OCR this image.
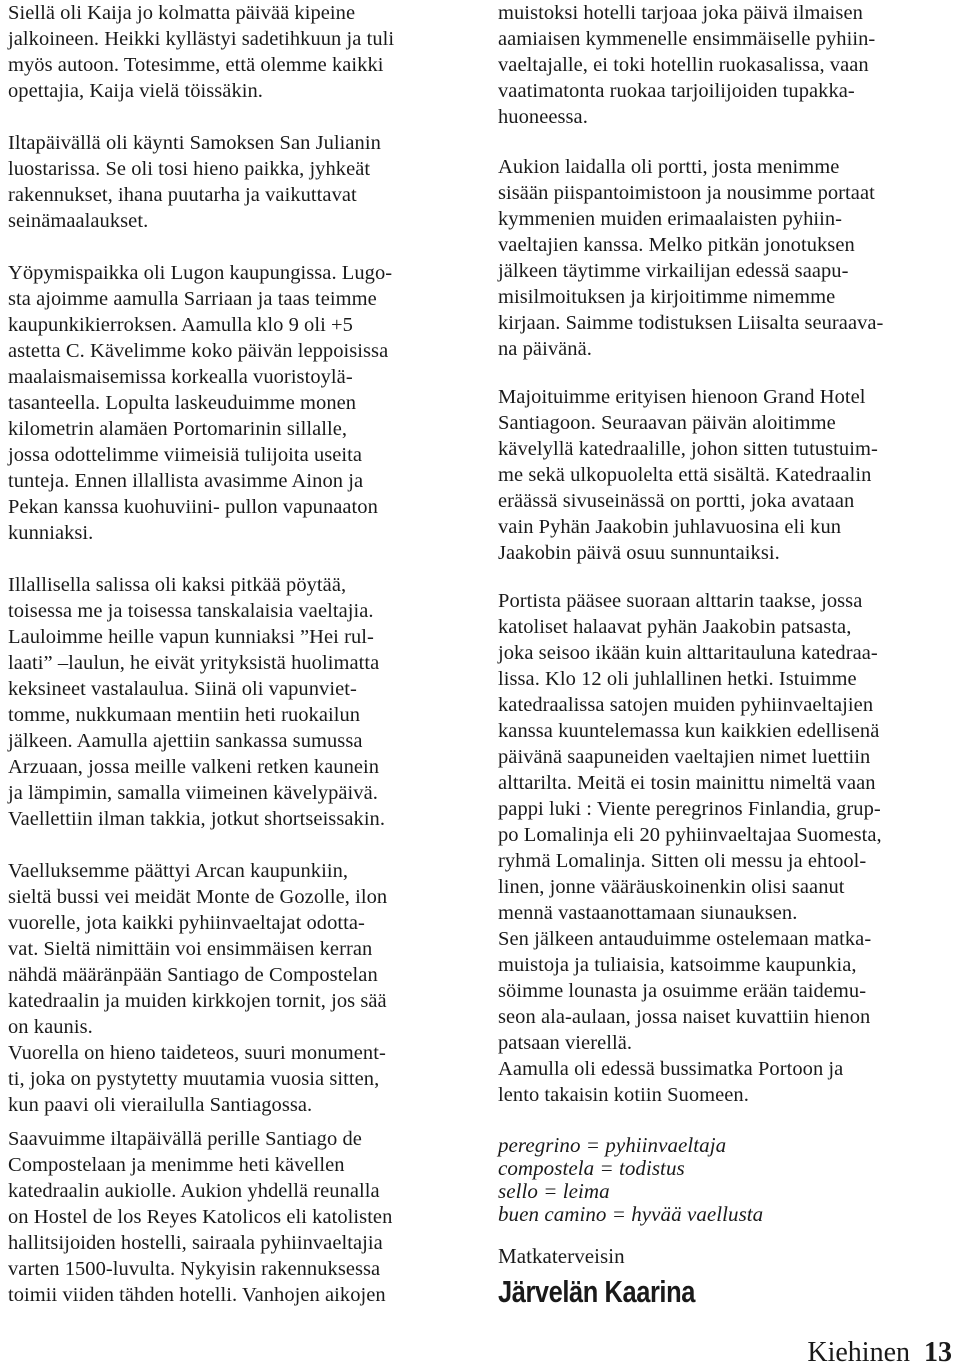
Siellä oli Kaija jo kolmatta päivää kipeine
jalkoineen. Heikki kyllästyi sadetihkuun ja tuli
myös autoon. Totesimme, että olemme kaikki
opettajia, Kaija vielä töissäkin.
Iltapäivällä oli käynti Samoksen San Julianin
luostarissa. Se oli tosi hieno paikka, jyhkeät
rakennukset, ihana puutarha ja vaikuttavat
seinämaalaukset.
Yöpymispaikka oli Lugon kaupungissa. Lugo-
sta ajoimme aamulla Sarriaan ja taas teimme
kaupunkikierroksen. Aamulla klo 9 oli +5
astetta C. Kävelimme koko päivän leppoisissa
maalaismaisemissa korkealla vuoristoylä-
tasanteella. Lopulta laskeuduimme monen
kilometrin alamäen Portomarinin sillalle,
jossa odottelimme viimeisiä tulijoita useita
tunteja. Ennen illallista avasimme Ainon ja
Pekan kanssa kuohuviini- pullon vapunaaton
kunniaksi.
Illallisella salissa oli kaksi pitkää pöytää,
toisessa me ja toisessa tanskalaisia vaeltajia.
Lauloimme heille vapun kunniaksi ”Hei rul-
laati” –laulun, he eivät yrityksistä huolimatta
keksineet vastalaulua. Siinä oli vapunviet-
tomme, nukkumaan mentiin heti ruokailun
jälkeen. Aamulla ajettiin sankassa sumussa
Arzuaan, jossa meille valkeni retken kaunein
ja lämpimin, samalla viimeinen kävelypäivä.
Vaellettiin ilman takkia, jotkut shortseissakin.
Vaelluksemme päättyi Arcan kaupunkiin,
sieltä bussi vei meidät Monte de Gozolle, ilon
vuorelle, jota kaikki pyhiinvaeltajat odotta-
vat. Sieltä nimittäin voi ensimmäisen kerran
nähdä määränpään Santiago de Compostelan
katedraalin ja muiden kirkkojen tornit, jos sää
on kaunis.
Vuorella on hieno taideteos, suuri monument-
ti, joka on pystytetty muutamia vuosia sitten,
kun paavi oli vierailulla Santiagossa.
Saavuimme iltapäivällä perille Santiago de
Compostelaan ja menimme heti kävellen
katedraalin aukiolle. Aukion yhdellä reunalla
on Hostel de los Reyes Katolicos eli katolisten
hallitsijoiden hostelli, sairaala pyhiinvaeltajia
varten 1500-luvulta. Nykyisin rakennuksessa
toimii viiden tähden hotelli. Vanhojen aikojen
muistoksi hotelli tarjoaa joka päivä ilmaisen
aamiaisen kymmenelle ensimmäiselle pyhiin-
vaeltajalle, ei toki hotellin ruokasalissa, vaan
vaatimatonta ruokaa tarjoilijoiden tupakka-
huoneessa.
Aukion laidalla oli portti, josta menimme
sisään piispantoimistoon ja nousimme portaat
kymmenien muiden erimaalaisten pyhiin-
vaeltajien kanssa. Melko pitkän jonotuksen
jälkeen täytimme virkailijan edessä saapu-
misilmoituksen ja kirjoitimme nimemme
kirjaan. Saimme todistuksen Liisalta seuraava-
na päivänä.
Majoituimme erityisen hienoon Grand Hotel
Santiagoon. Seuraavan päivän aloitimme
kävelyllä katedraalille, johon sitten tutustuim-
me sekä ulkopuolelta että sisältä. Katedraalin
eräässä sivuseinässä on portti, joka avataan
vain Pyhän Jaakobin juhlavuosina eli kun
Jaakobin päivä osuu sunnuntaiksi.
Portista pääsee suoraan alttarin taakse, jossa
katoliset halaavat pyhän Jaakobin patsasta,
joka seisoo ikään kuin alttaritauluna katedraa-
lissa. Klo 12 oli juhlallinen hetki. Istuimme
katedraalissa satojen muiden pyhiinvaeltajien
kanssa kuuntelemassa kun kaikkien edellisenä
päivänä saapuneiden vaeltajien nimet luettiin
alttarilta. Meitä ei tosin mainittu nimeltä vaan
pappi luki : Viente peregrinos Finlandia, grup-
po Lomalinja eli 20 pyhiinvaeltajaa Suomesta,
ryhmä Lomalinja. Sitten oli messu ja ehtool-
linen, jonne vääräuskoinenkin olisi saanut
mennä vastaanottamaan siunauksen.
Sen jälkeen antauduimme ostelemaan matka-
muistoja ja tuliaisia, katsoimme kaupunkia,
söimme lounasta ja osuimme erään taidemu-
seon ala-aulaan, jossa naiset kuvattiin hienon
patsaan vierellä.
Aamulla oli edessä bussimatka Portoon ja
lento takaisin kotiin Suomeen.
peregrino = pyhiinvaeltaja
compostela = todistus
sello = leima
buen camino = hyvää vaellusta
Matkaterveisin
Järvelän Kaarina
Kiehinen 13
